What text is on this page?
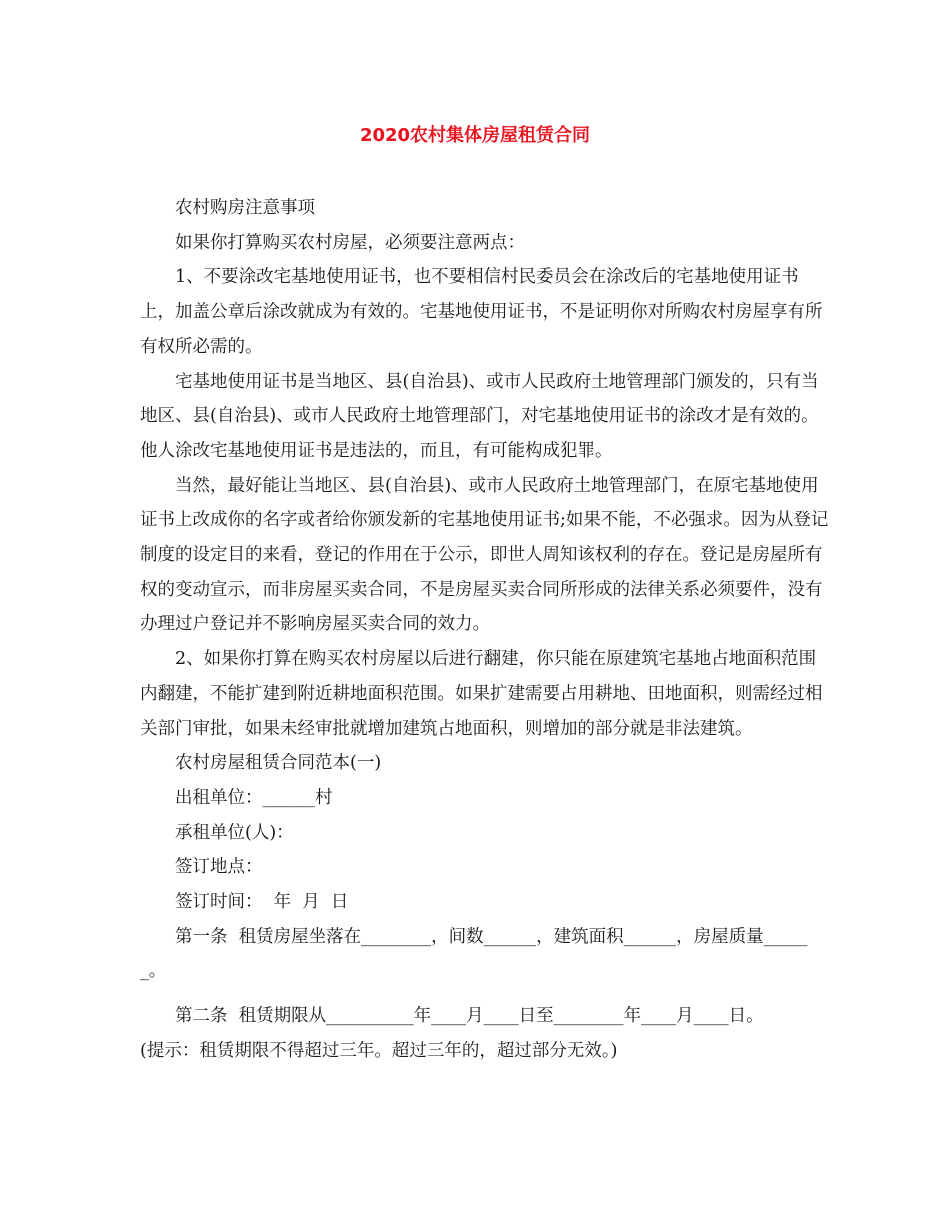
2020农村集体房屋租赁合同

农村购房注意事项

如果你打算购买农村房屋，必须要注意两点：

1、不要涂改宅基地使用证书，也不要相信村民委员会在涂改后的宅基地使用证书上，加盖公章后涂改就成为有效的。宅基地使用证书，不是证明你对所购农村房屋享有所有权所必需的。

宅基地使用证书是当地区、县(自治县)、或市人民政府土地管理部门颁发的，只有当地区、县(自治县)、或市人民政府土地管理部门，对宅基地使用证书的涂改才是有效的。他人涂改宅基地使用证书是违法的，而且，有可能构成犯罪。

当然，最好能让当地区、县(自治县)、或市人民政府土地管理部门，在原宅基地使用证书上改成你的名字或者给你颁发新的宅基地使用证书;如果不能，不必强求。因为从登记制度的设定目的来看，登记的作用在于公示，即世人周知该权利的存在。登记是房屋所有权的变动宣示，而非房屋买卖合同，不是房屋买卖合同所形成的法律关系必须要件，没有办理过户登记并不影响房屋买卖合同的效力。

2、如果你打算在购买农村房屋以后进行翻建，你只能在原建筑宅基地占地面积范围内翻建，不能扩建到附近耕地面积范围。如果扩建需要占用耕地、田地面积，则需经过相关部门审批，如果未经审批就增加建筑占地面积，则增加的部分就是非法建筑。

农村房屋租赁合同范本(一)

出租单位：______村

承租单位(人)：

签订地点：

签订时间：  年  月  日

第一条  租赁房屋坐落在________，间数______，建筑面积______，房屋质量______。

第二条  租赁期限从__________年____月____日至________年____月____日。

(提示：租赁期限不得超过三年。超过三年的，超过部分无效。)
